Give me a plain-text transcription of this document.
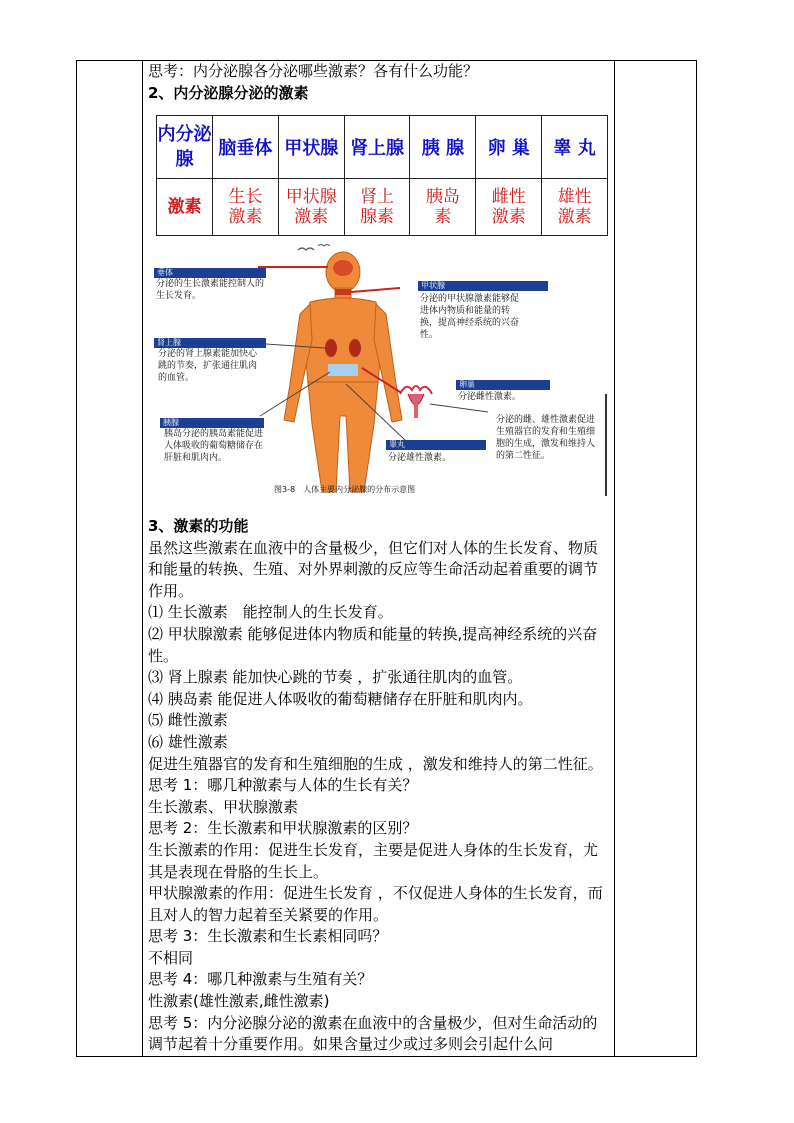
思考：内分泌腺各分泌哪些激素？各有什么功能？

2、内分泌腺分泌的激素

内分泌腺	脑垂体	甲状腺	肾上腺	胰 腺	卵 巢	睾 丸
激素	生长激素	甲状腺激素	肾上腺素	胰岛素	雌性激素	雄性激素
垂体
分泌的生长激素能控制人的生长发育。
甲状腺
分泌的甲状腺激素能够促进体内物质和能量的转换，提高神经系统的兴奋性。
肾上腺
分泌的肾上腺素能加快心跳的节奏，扩张通往肌肉的血管。
卵巢
分泌雌性激素。
胰腺
胰岛分泌的胰岛素能促进人体吸收的葡萄糖储存在肝脏和肌肉内。
分泌的雌、雄性激素促进生殖器官的发育和生殖细胞的生成，激发和维持人的第二性征。
睾丸
分泌雄性激素。
图3-8　人体主要内分泌腺的分布示意图

3、激素的功能

虽然这些激素在血液中的含量极少，但它们对人体的生长发育、物质和能量的转换、生殖、对外界刺激的反应等生命活动起着重要的调节作用。

⑴ 生长激素　能控制人的生长发育。

⑵ 甲状腺激素 能够促进体内物质和能量的转换,提高神经系统的兴奋性。

⑶ 肾上腺素 能加快心跳的节奏 ，扩张通往肌肉的血管。

⑷ 胰岛素 能促进人体吸收的葡萄糖储存在肝脏和肌肉内。

⑸ 雌性激素

⑹ 雄性激素

促进生殖器官的发育和生殖细胞的生成 ，激发和维持人的第二性征。

思考 1：哪几种激素与人体的生长有关？

生长激素、甲状腺激素

思考 2：生长激素和甲状腺激素的区别？

生长激素的作用：促进生长发育，主要是促进人身体的生长发育，尤其是表现在骨胳的生长上。

甲状腺激素的作用：促进生长发育 ，不仅促进人身体的生长发育，而且对人的智力起着至关紧要的作用。

思考 3：生长激素和生长素相同吗？

不相同

思考 4：哪几种激素与生殖有关？

性激素(雄性激素,雌性激素)

思考 5：内分泌腺分泌的激素在血液中的含量极少，但对生命活动的调节起着十分重要作用。如果含量过少或过多则会引起什么问
